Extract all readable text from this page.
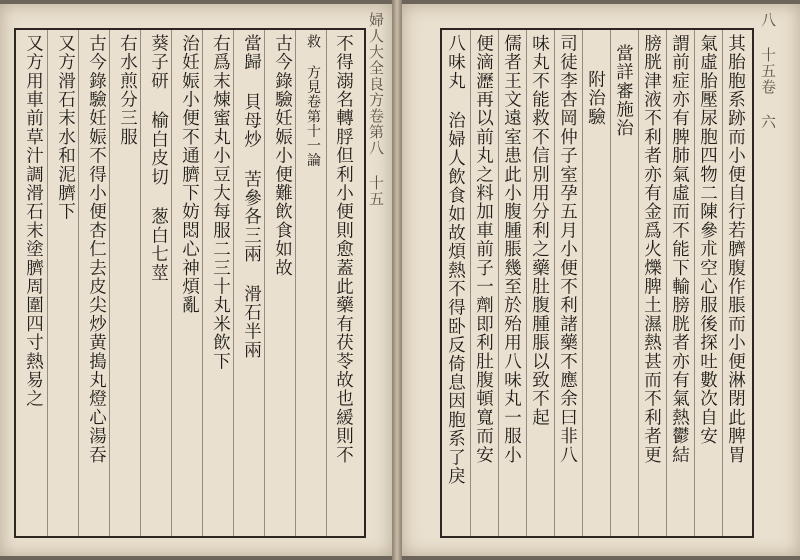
婦人大全良方卷第八 十五
不得溺名轉脬但利小便則愈蓋此藥有茯苓故也緩則不
救 方見卷第十一論
古今錄驗妊娠小便難飲食如故
當歸 貝母炒 苦參各三兩 滑石半兩
右爲末煉蜜丸小豆大每服二三十丸米飲下
治妊娠小便不通臍下妨悶心神煩亂
葵子研 榆白皮切 葱白七莖
右水煎分三服
古今錄驗妊娠不得小便杏仁去皮尖炒黄搗丸燈心湯吞
又方滑石末水和泥臍下
又方用車前草汁調滑石末塗臍周圍四寸熱易之	八 十五卷 六
其胎胞系跡而小便自行若臍腹作脹而小便淋閉此脾胃
氣虛胎壓尿胞四物二陳參朮空心服後探吐數次自安
謂前症亦有脾肺氣虛而不能下輸膀胱者亦有氣熱鬱結
膀胱津液不利者亦有金爲火爍脾土濕熱甚而不利者更
當詳審施治
附治驗
司徒李杏岡仲子室孕五月小便不利諸藥不應余曰非八
味丸不能救不信別用分利之藥肚腹腫脹以致不起
儒者王文遠室患此小腹腫脹幾至於殆用八味丸一服小
便滴瀝再以前丸之料加車前子一劑即利肚腹頓寬而安
八味丸 治婦人飲食如故煩熱不得卧反倚息因胞系了戾
